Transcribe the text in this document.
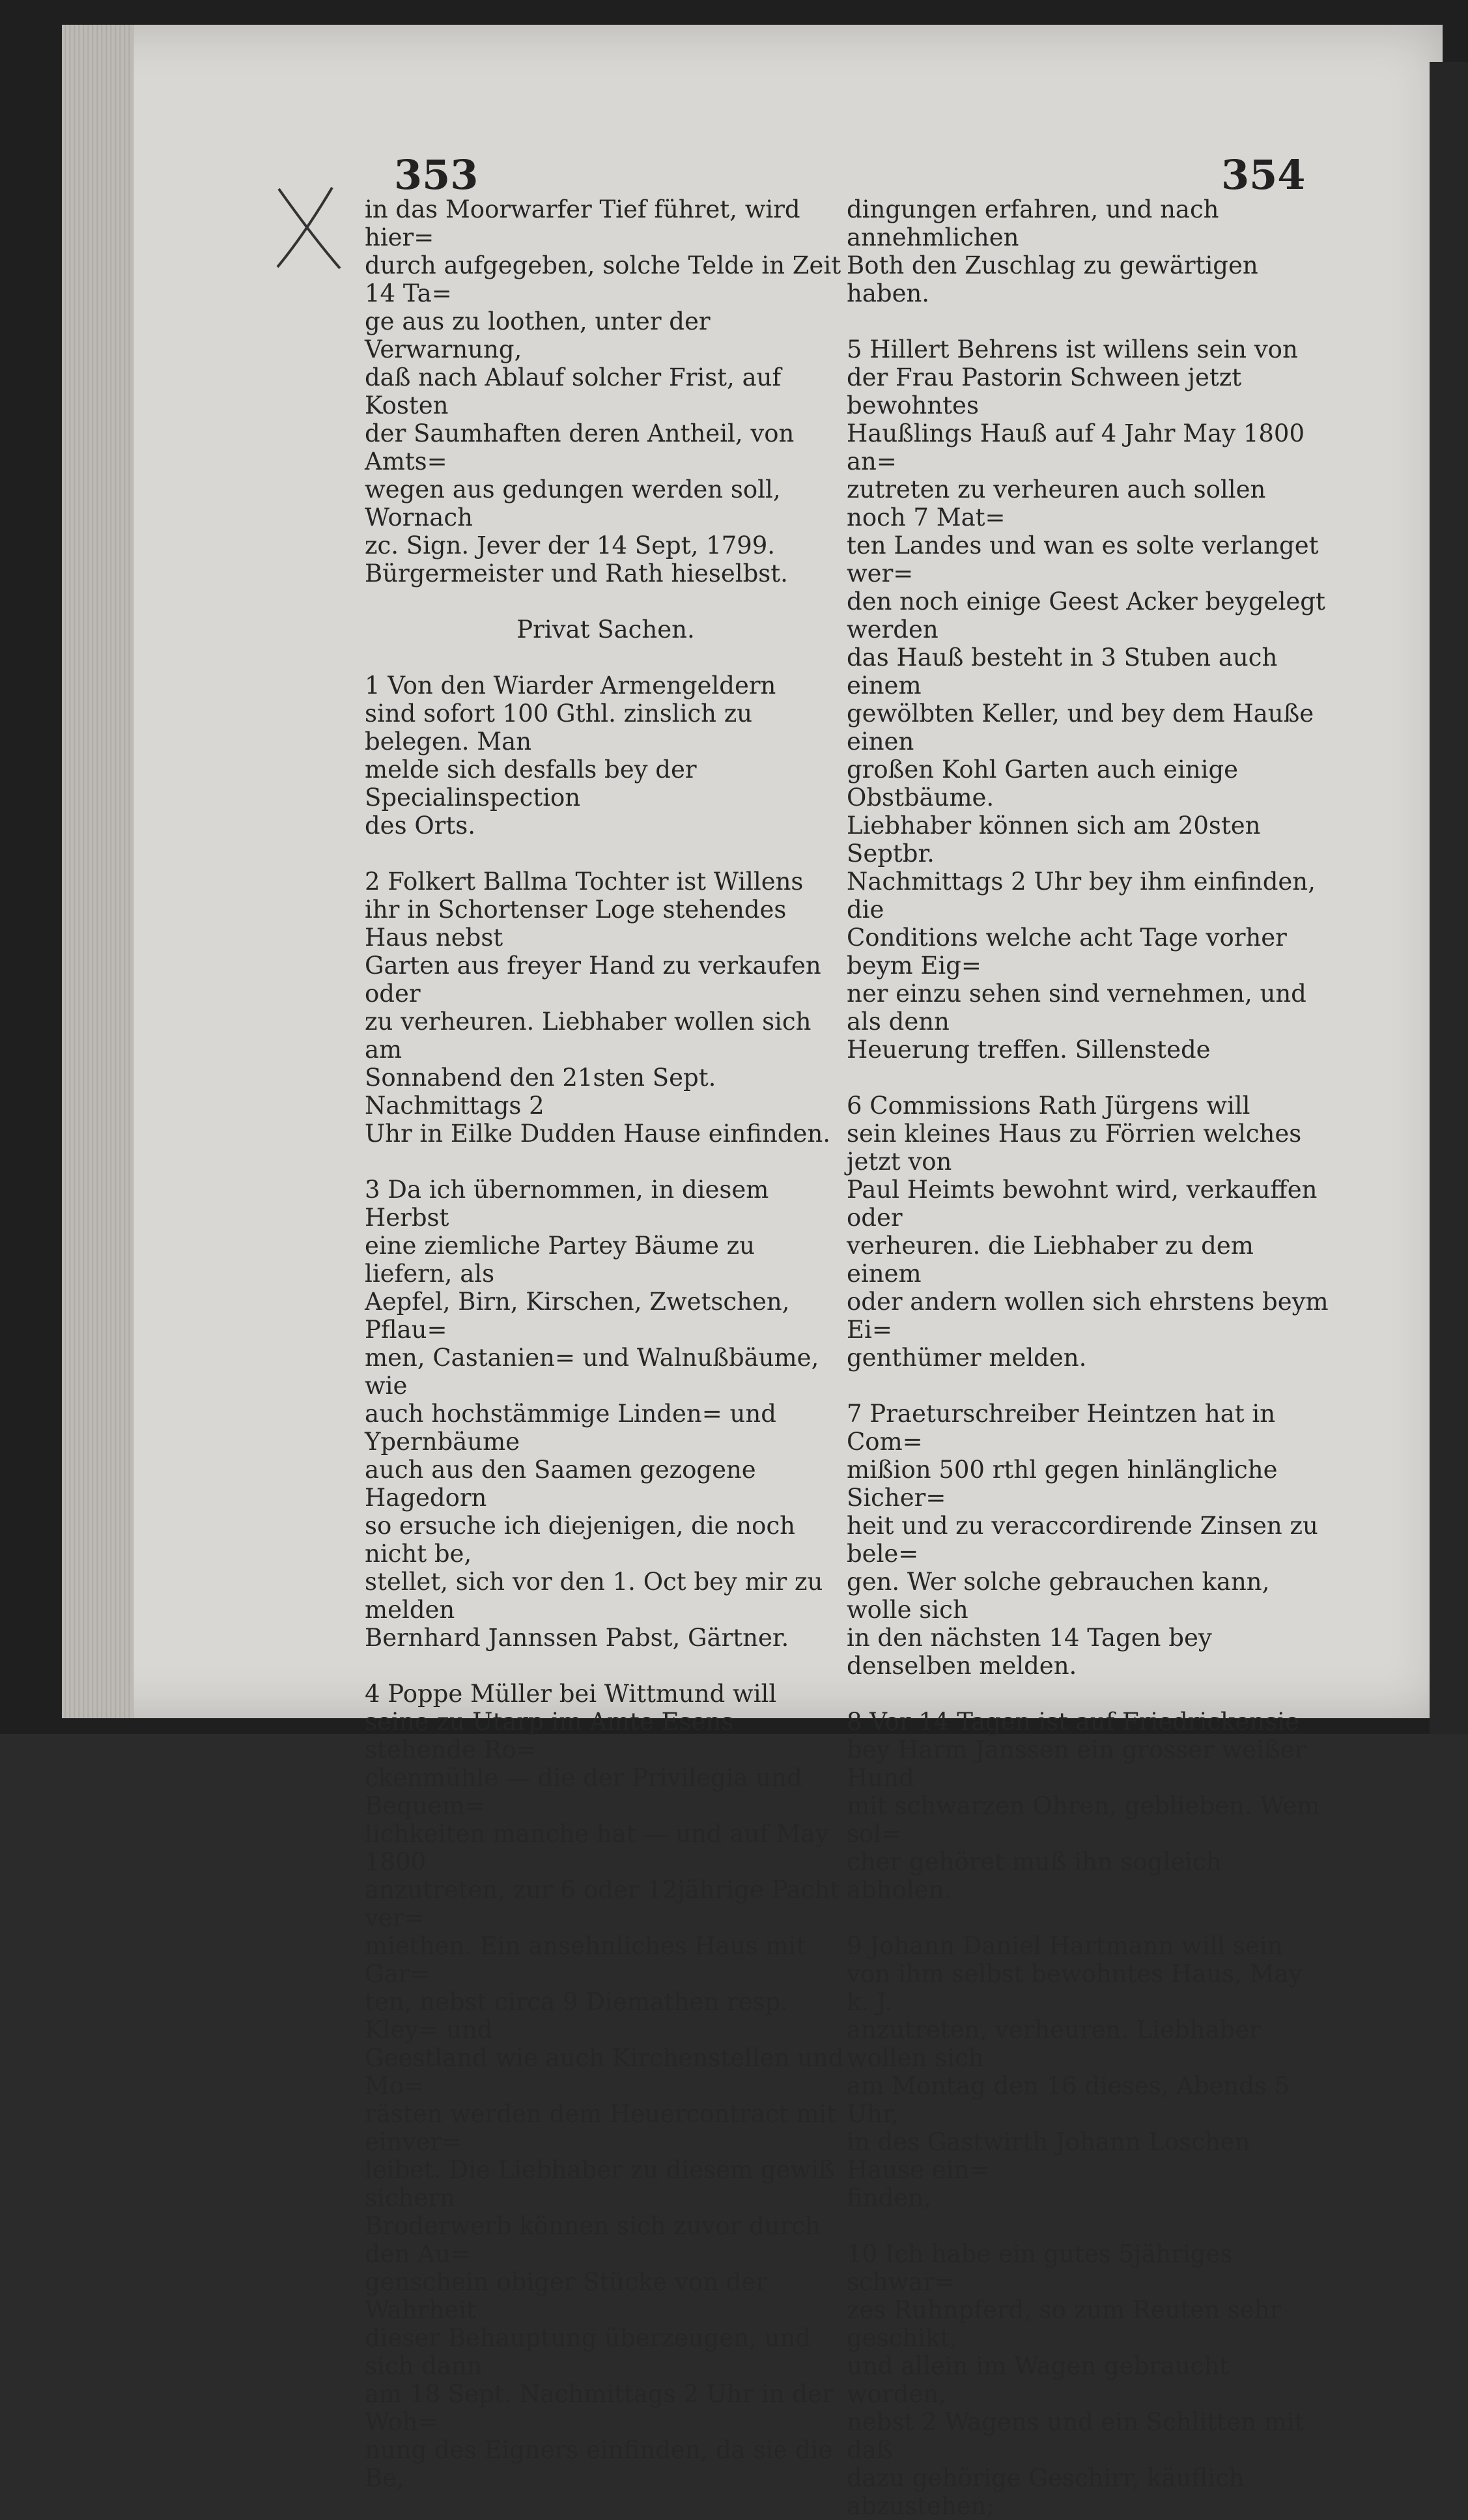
353	354

in das Moorwarfer Tief führet, wird hier=
durch aufgegeben, solche Telde in Zeit 14 Ta=
ge aus zu loothen, unter der Verwarnung,
daß nach Ablauf solcher Frist, auf Kosten
der Saumhaften deren Antheil, von Amts=
wegen aus gedungen werden soll, Wornach
zc. Sign. Jever der 14 Sept, 1799.
Bürgermeister und Rath hieselbst.

Privat Sachen.

1 Von den Wiarder Armengeldern
sind sofort 100 Gthl. zinslich zu belegen. Man
melde sich desfalls bey der Specialinspection
des Orts.

2 Folkert Ballma Tochter ist Willens
ihr in Schortenser Loge stehendes Haus nebst
Garten aus freyer Hand zu verkaufen oder
zu verheuren. Liebhaber wollen sich am
Sonnabend den 21sten Sept. Nachmittags 2
Uhr in Eilke Dudden Hause einfinden.

3 Da ich übernommen, in diesem Herbst
eine ziemliche Partey Bäume zu liefern, als
Aepfel, Birn, Kirschen, Zwetschen, Pflau=
men, Castanien= und Walnußbäume, wie
auch hochstämmige Linden= und Ypernbäume
auch aus den Saamen gezogene Hagedorn
so ersuche ich diejenigen, die noch nicht be,
stellet, sich vor den 1. Oct bey mir zu melden
Bernhard Jannssen Pabst, Gärtner.

4 Poppe Müller bei Wittmund will
seine zu Utarp im Amte Esens stehende Ro=
ckenmühle — die der Privilegia und Bequem=
lichkeiten manche hat — und auf May 1800
anzutreten, zur 6 oder 12jährige Pacht ver=
miethen. Ein ansehnliches Haus mit Gar=
ten, nebst circa 9 Diemathen resp. Kley= und
Geestland wie auch Kirchenstellen und Mo=
rästen werden dem Heuercontract mit einver=
leibet. Die Liebhaber zu diesem gewiß sichern
Broderwerb können sich zuvor durch den Au=
genschein obiger Stücke von der Wahrheit
dieser Behauptung überzeugen, und sich dann
am 18 Sept. Nachmittags 2 Uhr in der Woh=
nung des Eigners einfinden, da sie die Be,

dingungen erfahren, und nach annehmlichen
Both den Zuschlag zu gewärtigen haben.

5 Hillert Behrens ist willens sein von
der Frau Pastorin Schween jetzt bewohntes
Haußlings Hauß auf 4 Jahr May 1800 an=
zutreten zu verheuren auch sollen noch 7 Mat=
ten Landes und wan es solte verlanget wer=
den noch einige Geest Acker beygelegt werden
das Hauß besteht in 3 Stuben auch einem
gewölbten Keller, und bey dem Hauße einen
großen Kohl Garten auch einige Obstbäume.
Liebhaber können sich am 20sten Septbr.
Nachmittags 2 Uhr bey ihm einfinden, die
Conditions welche acht Tage vorher beym Eig=
ner einzu sehen sind vernehmen, und als denn
Heuerung treffen. Sillenstede

6 Commissions Rath Jürgens will
sein kleines Haus zu Förrien welches jetzt von
Paul Heimts bewohnt wird, verkauffen oder
verheuren. die Liebhaber zu dem einem
oder andern wollen sich ehrstens beym Ei=
genthümer melden.

7 Praeturschreiber Heintzen hat in Com=
mißion 500 rthl gegen hinlängliche Sicher=
heit und zu veraccordirende Zinsen zu bele=
gen. Wer solche gebrauchen kann, wolle sich
in den nächsten 14 Tagen bey denselben melden.

8 Vor 14 Tagen ist auf Friedrickensie
bey Harm Janssen ein grosser weißer Hund
mit schwarzen Ohren, geblieben. Wem sol=
cher gehöret muß ihn sogleich abholen.

9 Johann Daniel Hartmann will sein
von ihm selbst bewohntes Haus, May k. J.
anzutreten, verheuren. Liebhaber wollen sich
am Montag den 16 dieses, Abends 5 Uhr,
in des Gastwirth Johann Loschen Hause ein=
finden,

10 Ich habe ein gutes 5jähriges schwar=
zes Ruhnpferd, so zum Reuten sehr geschikt,
und allein im Wagen gebraucht worden,
nebst 2 Wagens und ein Schlitten mit daß
dazu gehörige Geschirr, käuflich abzustehen;
